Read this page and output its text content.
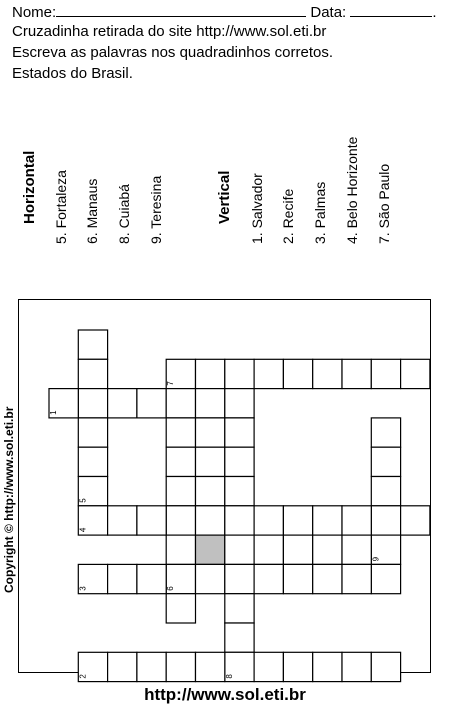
Nome:	Data:	.
Cruzadinha retirada do site http://www.sol.eti.br
Escreva as palavras nos quadradinhos corretos.
Estados do Brasil.
Horizontal 5. Fortaleza 6. Manaus 8. Cuiabá 9. Teresina	Vertical 1. Salvador 2. Recife 3. Palmas 4. Belo Horizonte 7. São Paulo
1
2
3
4
5
6
7
8
9
Copyright © http://www.sol.eti.br
http://www.sol.eti.br
